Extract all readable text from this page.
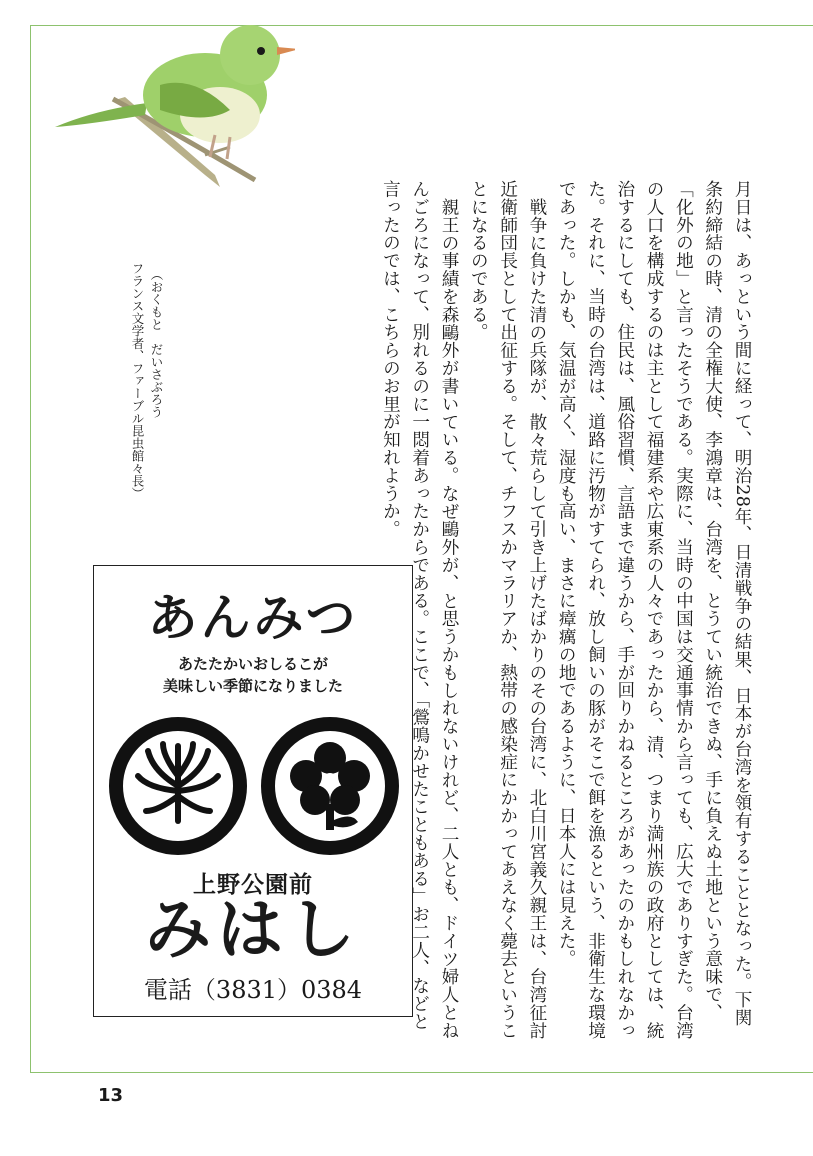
月日は、あっという間に経って、明治28年、日清戦争の結果、日本が台湾を領有することとなった。下関条約締結の時、清の全権大使、李鴻章は、台湾を、とうてい統治できぬ、手に負えぬ土地という意味で、「化外の地」と言ったそうである。実際に、当時の中国は交通事情から言っても、広大でありすぎた。台湾の人口を構成するのは主として福建系や広東系の人々であったから、清、つまり満州族の政府としては、統治するにしても、住民は、風俗習慣、言語まで違うから、手が回りかねるところがあったのかもしれなかった。それに、当時の台湾は、道路に汚物がすてられ、放し飼いの豚がそこで餌を漁るという、非衛生な環境であった。しかも、気温が高く、湿度も高い、まさに瘴癘の地であるように、日本人には見えた。

戦争に負けた清の兵隊が、散々荒らして引き上げたばかりのその台湾に、北白川宮義久親王は、台湾征討近衛師団長として出征する。そして、チフスかマラリアか、熱帯の感染症にかかってあえなく薨去ということになるのである。

親王の事績を森鷗外が書いている。なぜ鷗外が、と思うかもしれないけれど、二人とも、ドイツ婦人とねんごろになって、別れるのに一悶着あったからである。ここで、「鶯鳴かせたこともある」お二人、などと言ったのでは、こちらのお里が知れようか。

（おくもと　だいさぶろう
フランス文学者、ファーブル昆虫館々長）
あんみつ
あたたかいおしるこが
美味しい季節になりました
上野公園前
みはし
電話（3831）0384
13
